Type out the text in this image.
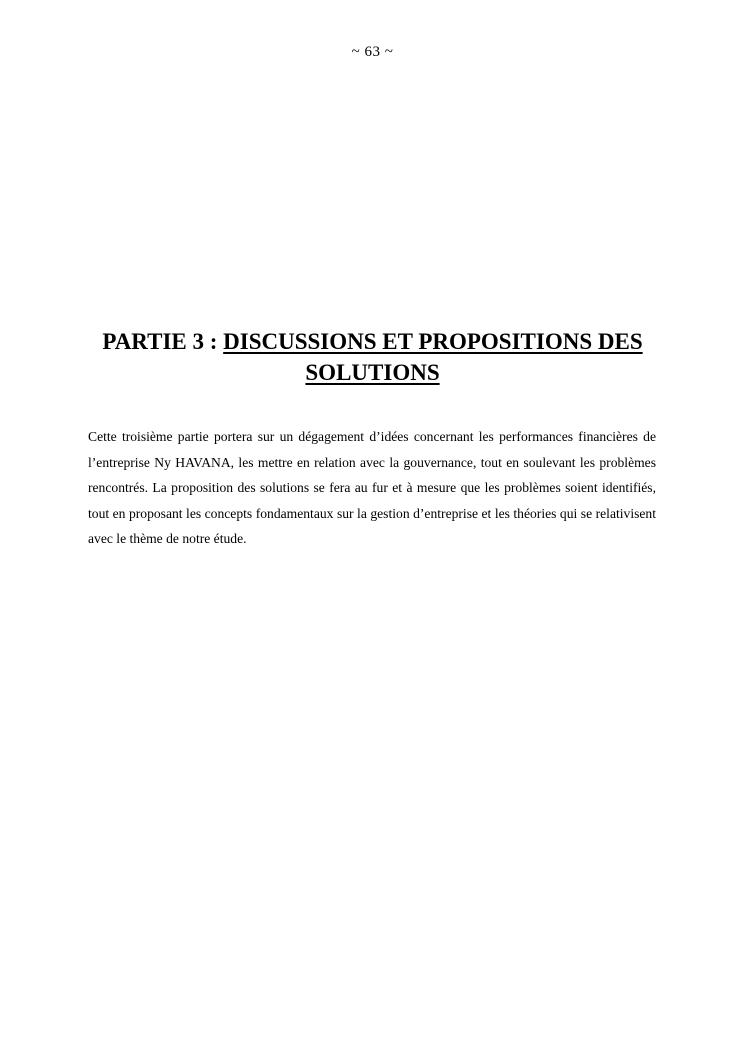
~ 63 ~
PARTIE 3 : DISCUSSIONS ET PROPOSITIONS DES SOLUTIONS

Cette troisième partie portera sur un dégagement d’idées concernant les performances financières de l’entreprise Ny HAVANA, les mettre en relation avec la gouvernance, tout en soulevant les problèmes rencontrés. La proposition des solutions se fera au fur et à mesure que les problèmes soient identifiés, tout en proposant les concepts fondamentaux sur la gestion d’entreprise et les théories qui se relativisent avec le thème de notre étude.
